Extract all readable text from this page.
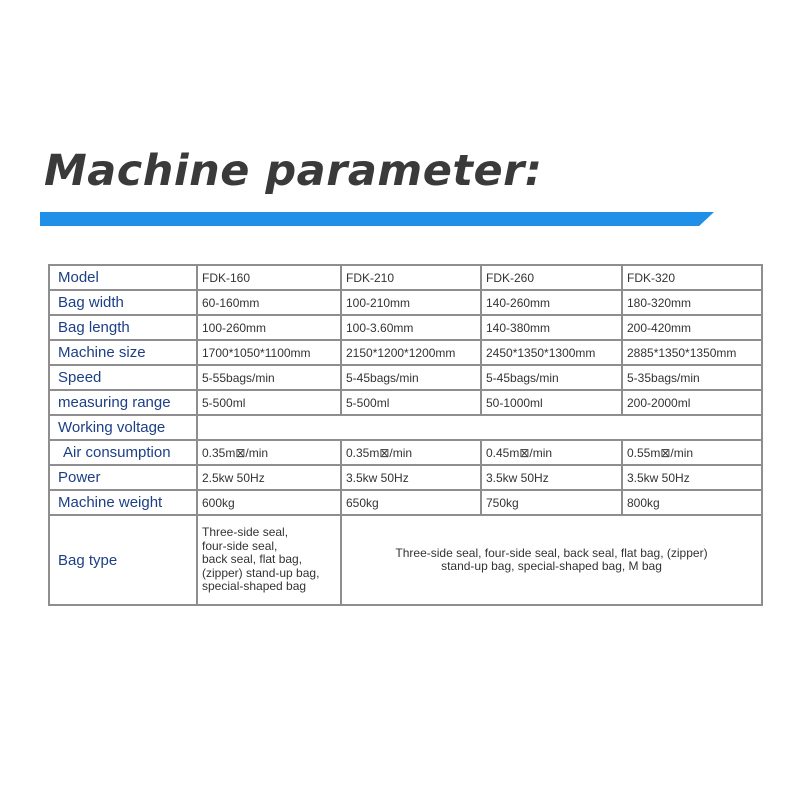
Machine parameter:
Model	FDK-160	FDK-210	FDK-260	FDK-320
Bag width	60-160mm	100-210mm	140-260mm	180-320mm
Bag length	100-260mm	100-3.60mm	140-380mm	200-420mm
Machine size	1700*1050*1100mm	2150*1200*1200mm	2450*1350*1300mm	2885*1350*1350mm
Speed	5-55bags/min	5-45bags/min	5-45bags/min	5-35bags/min
measuring range	5-500ml	5-500ml	50-1000ml	200-2000ml
Working voltage				
Air consumption	0.35m⊠/min	0.35m⊠/min	0.45m⊠/min	0.55m⊠/min
Power	2.5kw 50Hz	3.5kw 50Hz	3.5kw 50Hz	3.5kw 50Hz
Machine weight	600kg	650kg	750kg	800kg
Bag type	Three-side seal,
four-side seal,
back seal, flat bag,
(zipper) stand-up bag,
special-shaped bag	Three-side seal, four-side seal, back seal, flat bag, (zipper)
stand-up bag, special-shaped bag, M bag		
